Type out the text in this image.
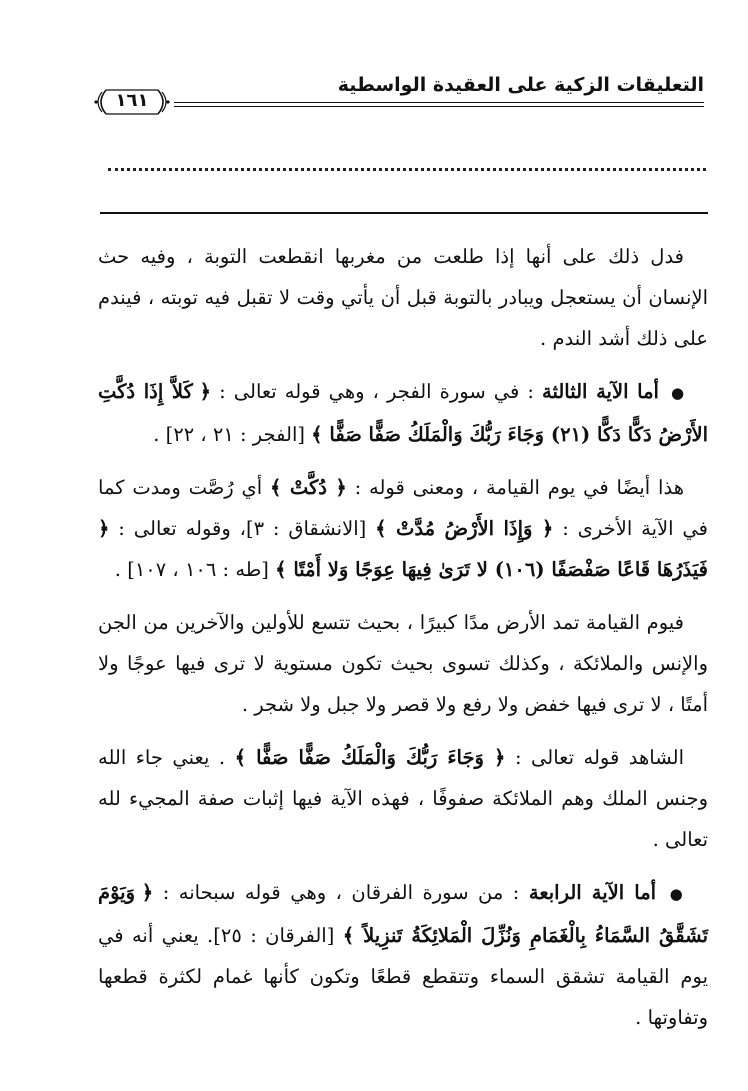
التعليقات الزكية على العقيدة الواسطية
١٦١

فدل ذلك على أنها إذا طلعت من مغربها انقطعت التوبة ، وفيه حث الإنسان أن يستعجل ويبادر بالتوبة قبل أن يأتي وقت لا تقبل فيه توبته ، فيندم على ذلك أشد الندم .

● أما الآية الثالثة : في سورة الفجر ، وهي قوله تعالى : ﴿ كَلاَّ إِذَا دُكَّتِ الأَرْضُ دَكًّا دَكًّا (٢١) وَجَاءَ رَبُّكَ وَالْمَلَكُ صَفًّا صَفًّا ﴾ [الفجر : ٢١ ، ٢٢] .

هذا أيضًا في يوم القيامة ، ومعنى قوله : ﴿ دُكَّتْ ﴾ أي رُصَّت ومدت كما في الآية الأخرى : ﴿ وَإِذَا الأَرْضُ مُدَّتْ ﴾ [الانشقاق : ٣]، وقوله تعالى : ﴿ فَيَذَرُهَا قَاعًا صَفْصَفًا (١٠٦) لا تَرَىٰ فِيهَا عِوَجًا وَلا أَمْتًا ﴾ [طه : ١٠٦ ، ١٠٧] .

فيوم القيامة تمد الأرض مدًا كبيرًا ، بحيث تتسع للأولين والآخرين من الجن والإنس والملائكة ، وكذلك تسوى بحيث تكون مستوية لا ترى فيها عوجًا ولا أمتًا ، لا ترى فيها خفض ولا رفع ولا قصر ولا جبل ولا شجر .

الشاهد قوله تعالى : ﴿ وَجَاءَ رَبُّكَ وَالْمَلَكُ صَفًّا صَفًّا ﴾ . يعني جاء الله وجنس الملك وهم الملائكة صفوفًا ، فهذه الآية فيها إثبات صفة المجيء لله تعالى .

● أما الآية الرابعة : من سورة الفرقان ، وهي قوله سبحانه : ﴿ وَيَوْمَ تَشَقَّقُ السَّمَاءُ بِالْغَمَامِ وَنُزِّلَ الْمَلائِكَةُ تَنزِيلاً ﴾ [الفرقان : ٢٥]. يعني أنه في يوم القيامة تشقق السماء وتتقطع قطعًا وتكون كأنها غمام لكثرة قطعها وتفاوتها .
